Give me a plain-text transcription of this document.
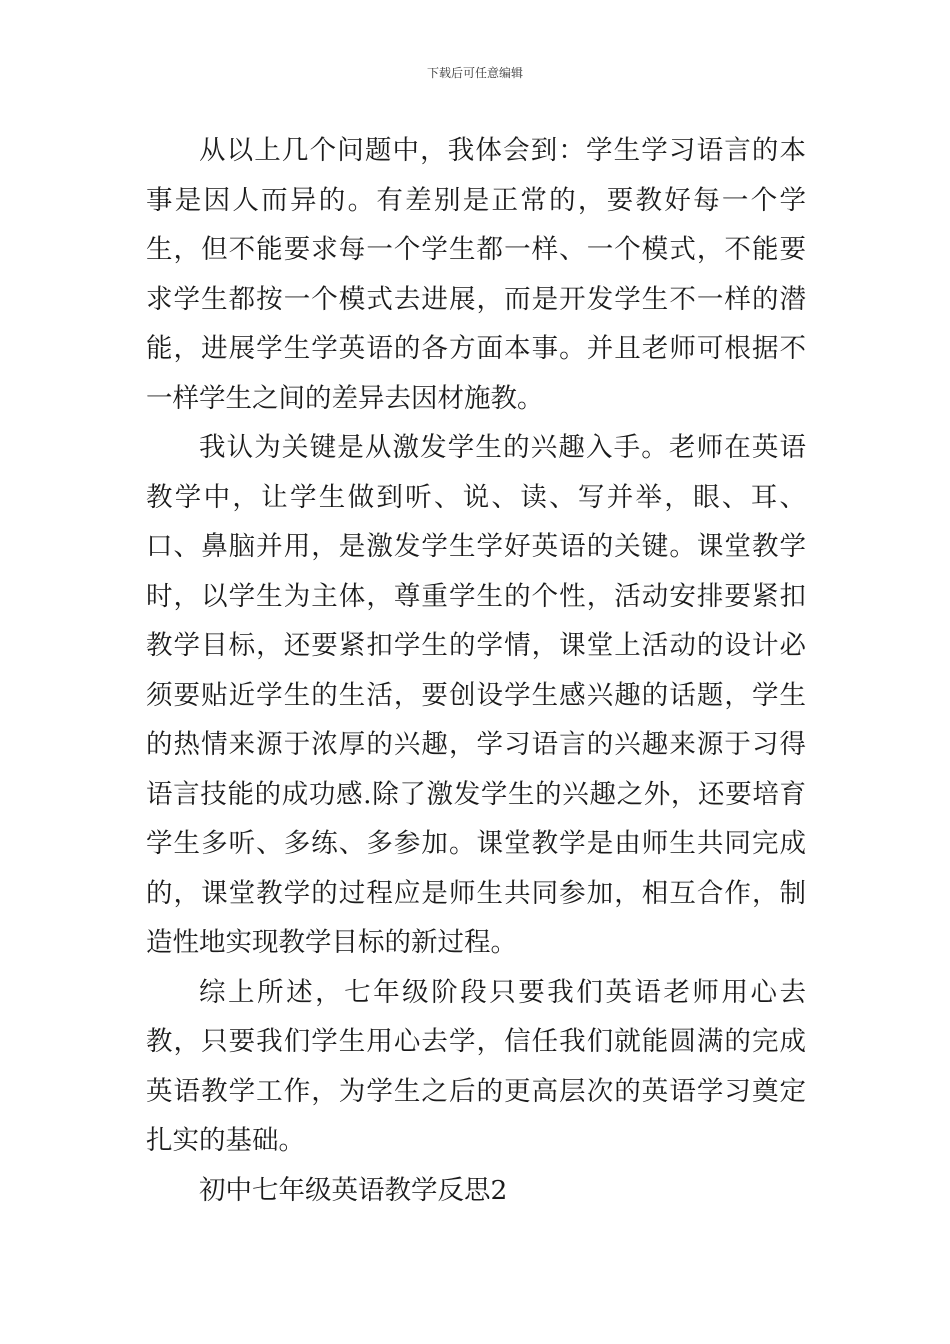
下载后可任意编辑

从以上几个问题中，我体会到：学生学习语言的本事是因人而异的。有差别是正常的，要教好每一个学生，但不能要求每一个学生都一样、一个模式，不能要求学生都按一个模式去进展，而是开发学生不一样的潜能，进展学生学英语的各方面本事。并且老师可根据不一样学生之间的差异去因材施教。

我认为关键是从激发学生的兴趣入手。老师在英语教学中，让学生做到听、说、读、写并举，眼、耳、口、鼻脑并用，是激发学生学好英语的关键。课堂教学时，以学生为主体，尊重学生的个性，活动安排要紧扣教学目标，还要紧扣学生的学情，课堂上活动的设计必须要贴近学生的生活，要创设学生感兴趣的话题，学生的热情来源于浓厚的兴趣，学习语言的兴趣来源于习得语言技能的成功感.除了激发学生的兴趣之外，还要培育学生多听、多练、多参加。课堂教学是由师生共同完成的，课堂教学的过程应是师生共同参加，相互合作，制造性地实现教学目标的新过程。

综上所述，七年级阶段只要我们英语老师用心去教，只要我们学生用心去学，信任我们就能圆满的完成英语教学工作，为学生之后的更高层次的英语学习奠定扎实的基础。

初中七年级英语教学反思2
